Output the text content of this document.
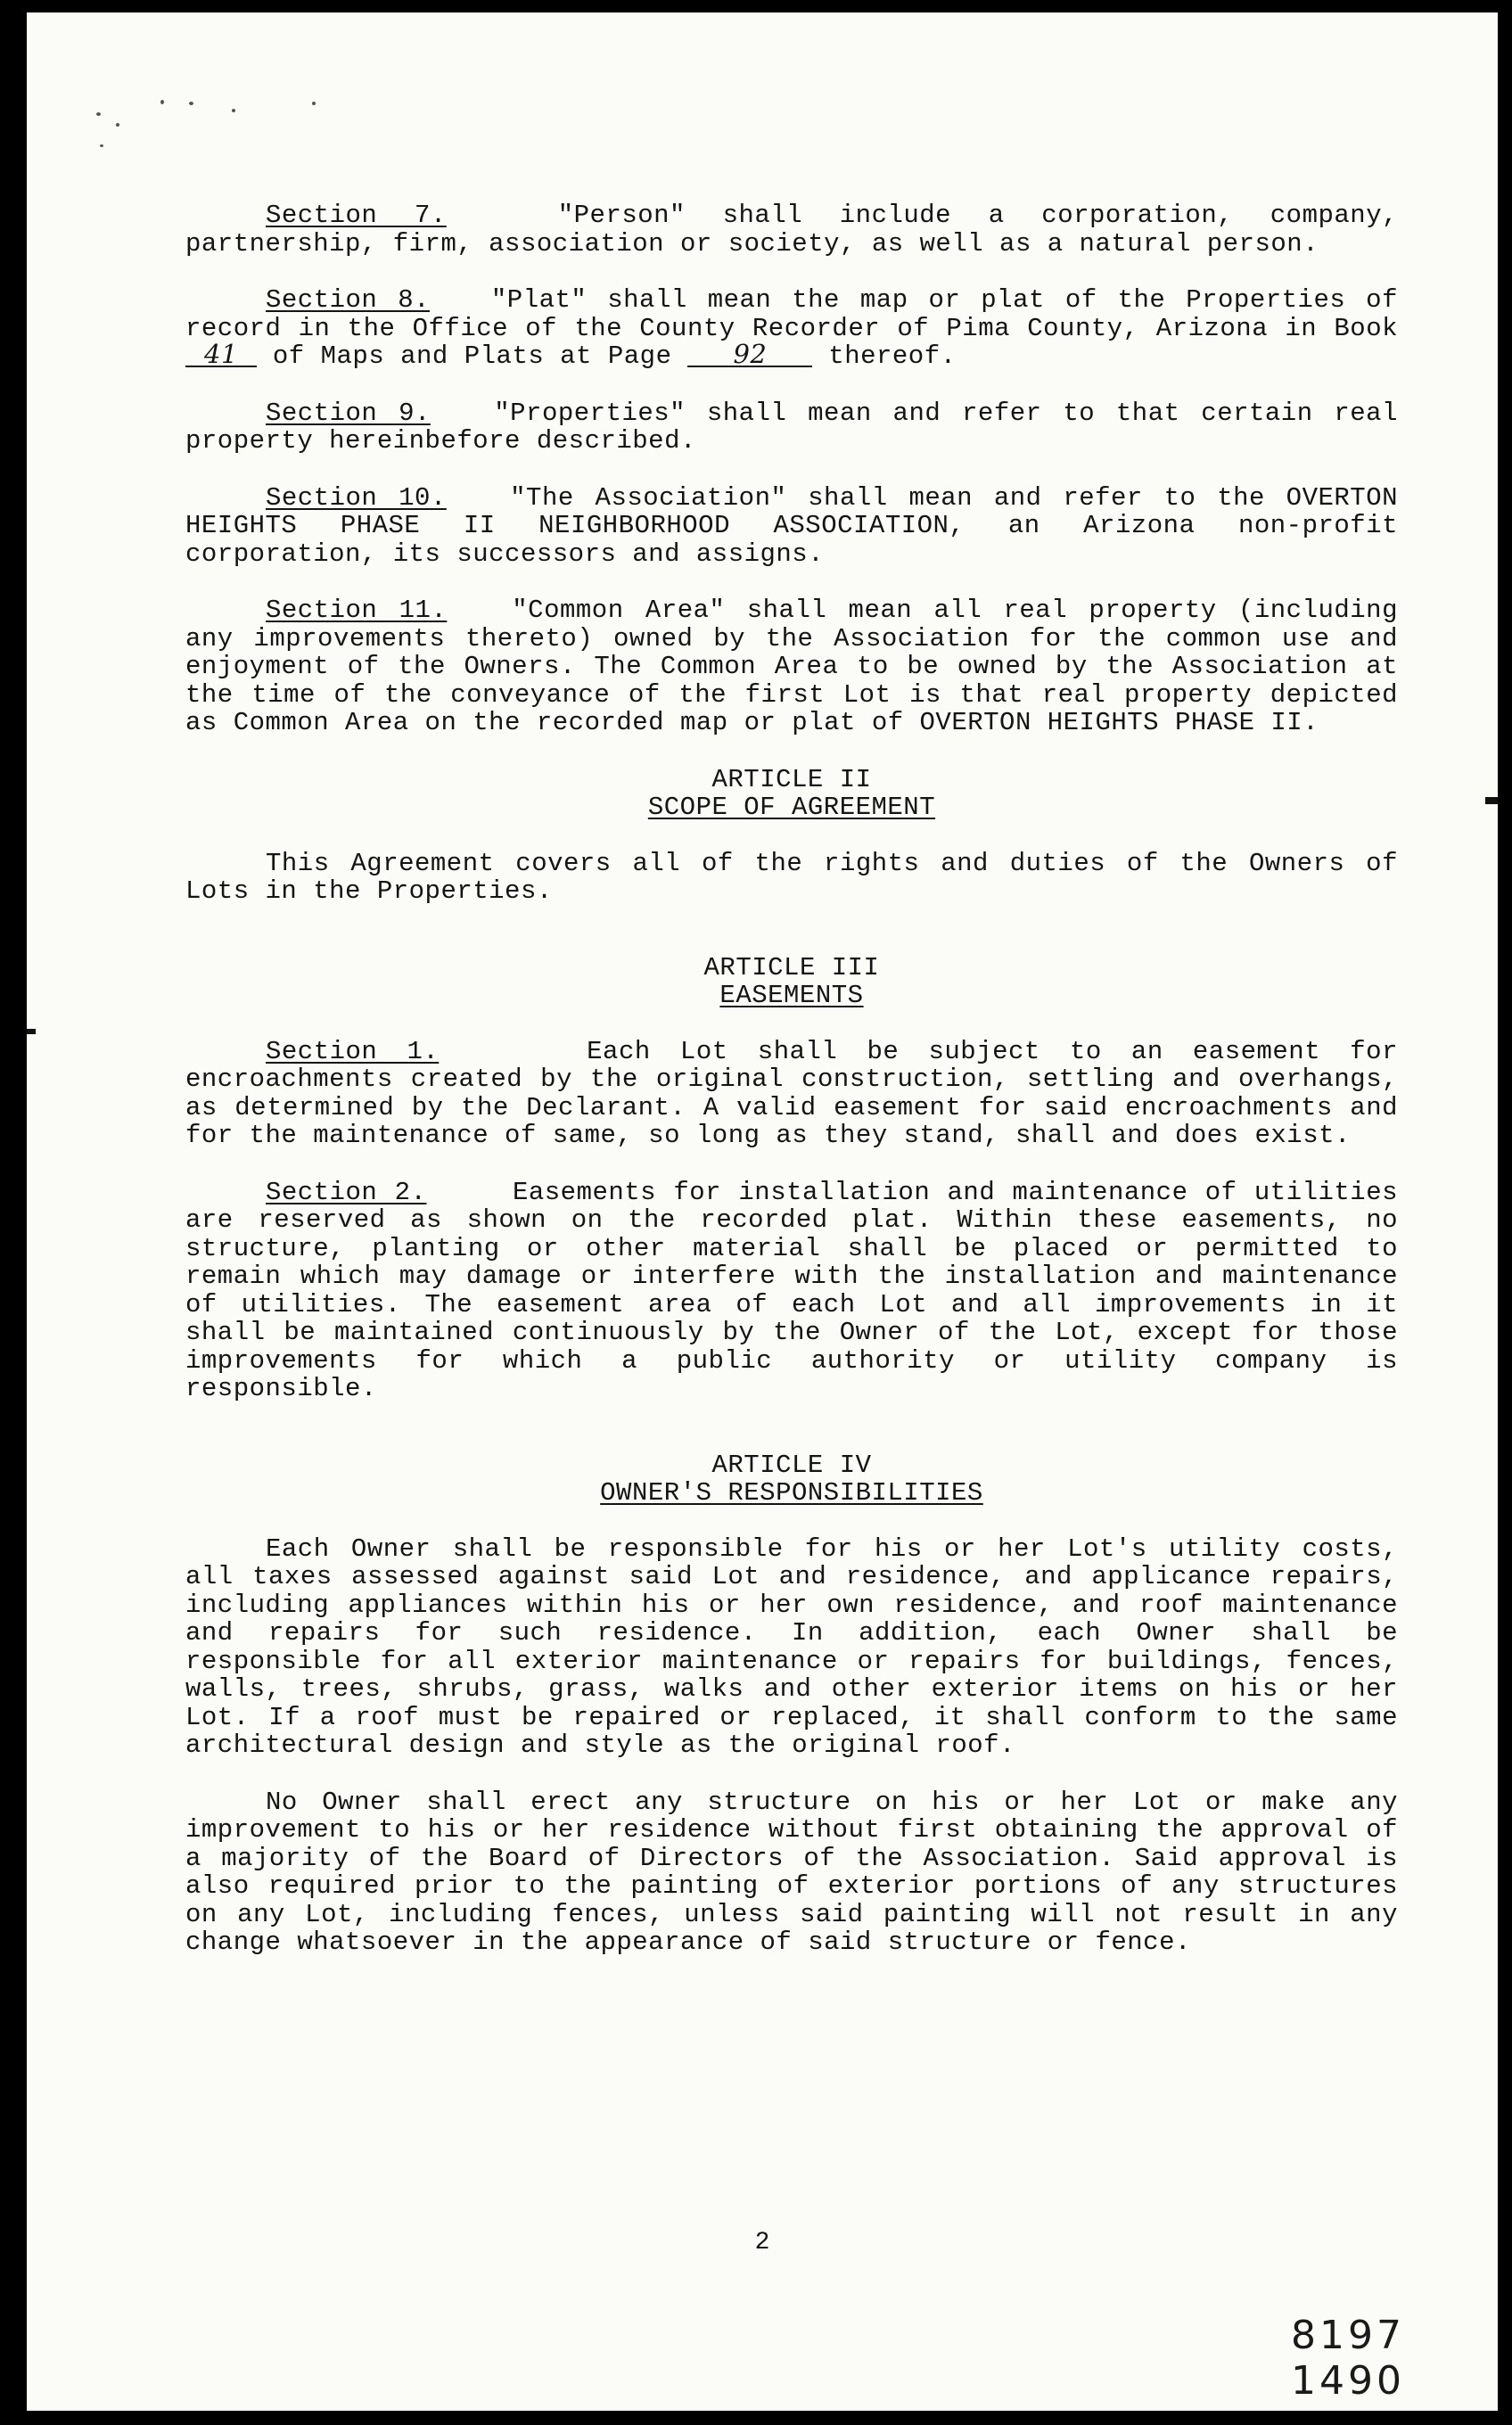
Section 7.	"Person" shall include a corporation, company, partnership, firm, association or society, as well as a natural person.

Section 8. "Plat" shall mean the map or plat of the Properties of record in the Office of the County Recorder of Pima County, Arizona in Book 41 of Maps and Plats at Page 92 thereof.

Section 9. "Properties" shall mean and refer to that certain real property hereinbefore described.

Section 10. "The Association" shall mean and refer to the OVERTON HEIGHTS PHASE II NEIGHBORHOOD ASSOCIATION, an Arizona non-profit corporation, its successors and assigns.

Section 11.	"Common Area" shall mean all real property (including any improvements thereto) owned by the Association for the common use and enjoyment of the Owners. The Common Area to be owned by the Association at the time of the conveyance of the first Lot is that real property depicted as Common Area on the recorded map or plat of OVERTON HEIGHTS PHASE II.

ARTICLE II
SCOPE OF AGREEMENT

This Agreement covers all of the rights and duties of the Owners of Lots in the Properties.

ARTICLE III
EASEMENTS

Section 1.	Each Lot shall be subject to an easement for encroachments created by the original construction, settling and overhangs, as determined by the Declarant. A valid easement for said encroachments and for the maintenance of same, so long as they stand, shall and does exist.

Section 2.	Easements for installation and maintenance of utilities are reserved as shown on the recorded plat. Within these easements, no structure, planting or other material shall be placed or permitted to remain which may damage or interfere with the installation and maintenance of utilities. The easement area of each Lot and all improvements in it shall be maintained continuously by the Owner of the Lot, except for those improvements for which a public authority or utility company is responsible.

ARTICLE IV
OWNER'S RESPONSIBILITIES

Each Owner shall be responsible for his or her Lot's utility costs, all taxes assessed against said Lot and residence, and applicance repairs, including appliances within his or her own residence, and roof maintenance and repairs for such residence. In addition, each Owner shall be responsible for all exterior maintenance or repairs for buildings, fences, walls, trees, shrubs, grass, walks and other exterior items on his or her Lot. If a roof must be repaired or replaced, it shall conform to the same architectural design and style as the original roof.

No Owner shall erect any structure on his or her Lot or make any improvement to his or her residence without first obtaining the approval of a majority of the Board of Directors of the Association. Said approval is also required prior to the painting of exterior portions of any structures on any Lot, including fences, unless said painting will not result in any change whatsoever in the appearance of said structure or fence.

2
8197 1490
